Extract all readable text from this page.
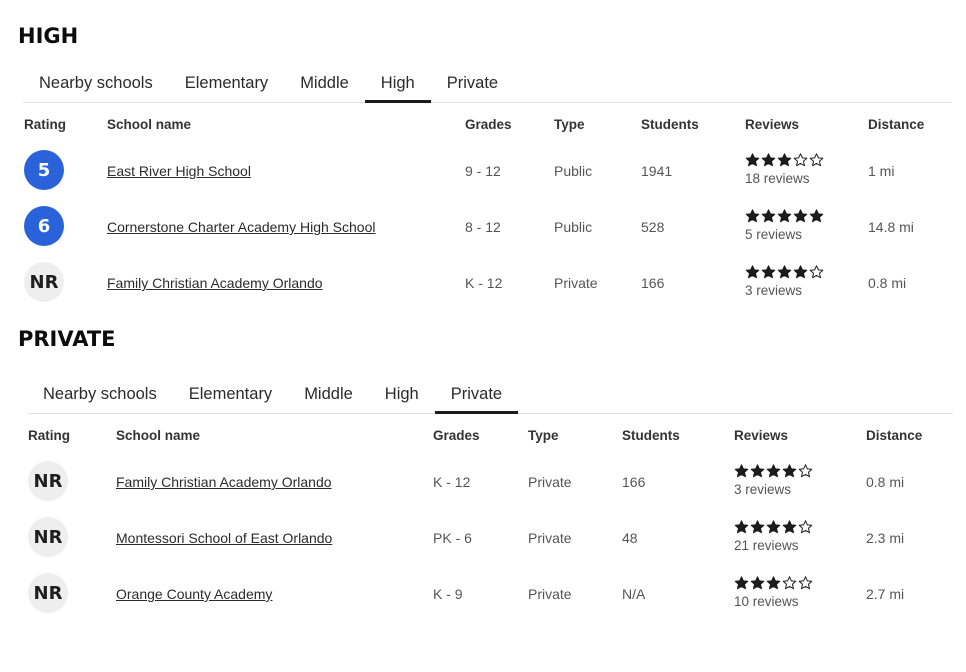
HIGH
Nearby schools	Elementary	Middle	High	Private
Rating	School name	Grades	Type	Students	Reviews	Distance
5	East River High School	9 - 12	Public	1941	18 reviews	1 mi
6	Cornerstone Charter Academy High School	8 - 12	Public	528	5 reviews	14.8 mi
NR	Family Christian Academy Orlando	K - 12	Private	166	3 reviews	0.8 mi
PRIVATE
Nearby schools	Elementary	Middle	High	Private
Rating	School name	Grades	Type	Students	Reviews	Distance
NR	Family Christian Academy Orlando	K - 12	Private	166	3 reviews	0.8 mi
NR	Montessori School of East Orlando	PK - 6	Private	48	21 reviews	2.3 mi
NR	Orange County Academy	K - 9	Private	N/A	10 reviews	2.7 mi
